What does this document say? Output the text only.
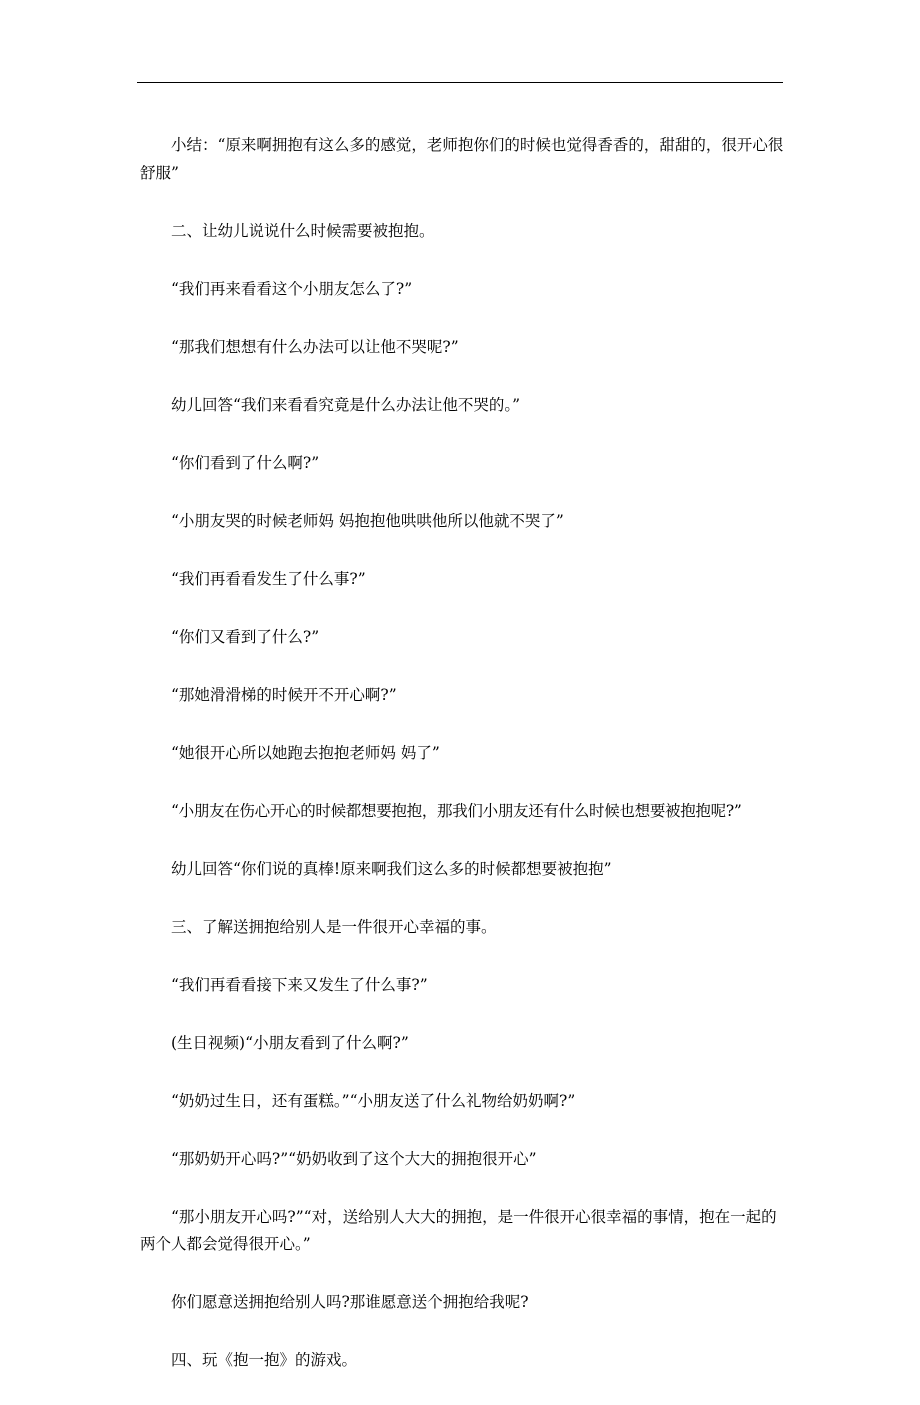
小结：“原来啊拥抱有这么多的感觉，老师抱你们的时候也觉得香香的，甜甜的，很开心很舒服”

二、让幼儿说说什么时候需要被抱抱。

“我们再来看看这个小朋友怎么了?”

“那我们想想有什么办法可以让他不哭呢?”

幼儿回答“我们来看看究竟是什么办法让他不哭的。”

“你们看到了什么啊?”

“小朋友哭的时候老师妈 妈抱抱他哄哄他所以他就不哭了”

“我们再看看发生了什么事?”

“你们又看到了什么?”

“那她滑滑梯的时候开不开心啊?”

“她很开心所以她跑去抱抱老师妈 妈了”

“小朋友在伤心开心的时候都想要抱抱，那我们小朋友还有什么时候也想要被抱抱呢?”

幼儿回答“你们说的真棒!原来啊我们这么多的时候都想要被抱抱”

三、了解送拥抱给别人是一件很开心幸福的事。

“我们再看看接下来又发生了什么事?”

(生日视频)“小朋友看到了什么啊?”

“奶奶过生日，还有蛋糕。”“小朋友送了什么礼物给奶奶啊?”

“那奶奶开心吗?”“奶奶收到了这个大大的拥抱很开心”

“那小朋友开心吗?”“对，送给别人大大的拥抱，是一件很开心很幸福的事情，抱在一起的两个人都会觉得很开心。”

你们愿意送拥抱给别人吗?那谁愿意送个拥抱给我呢?

四、玩《抱一抱》的游戏。
